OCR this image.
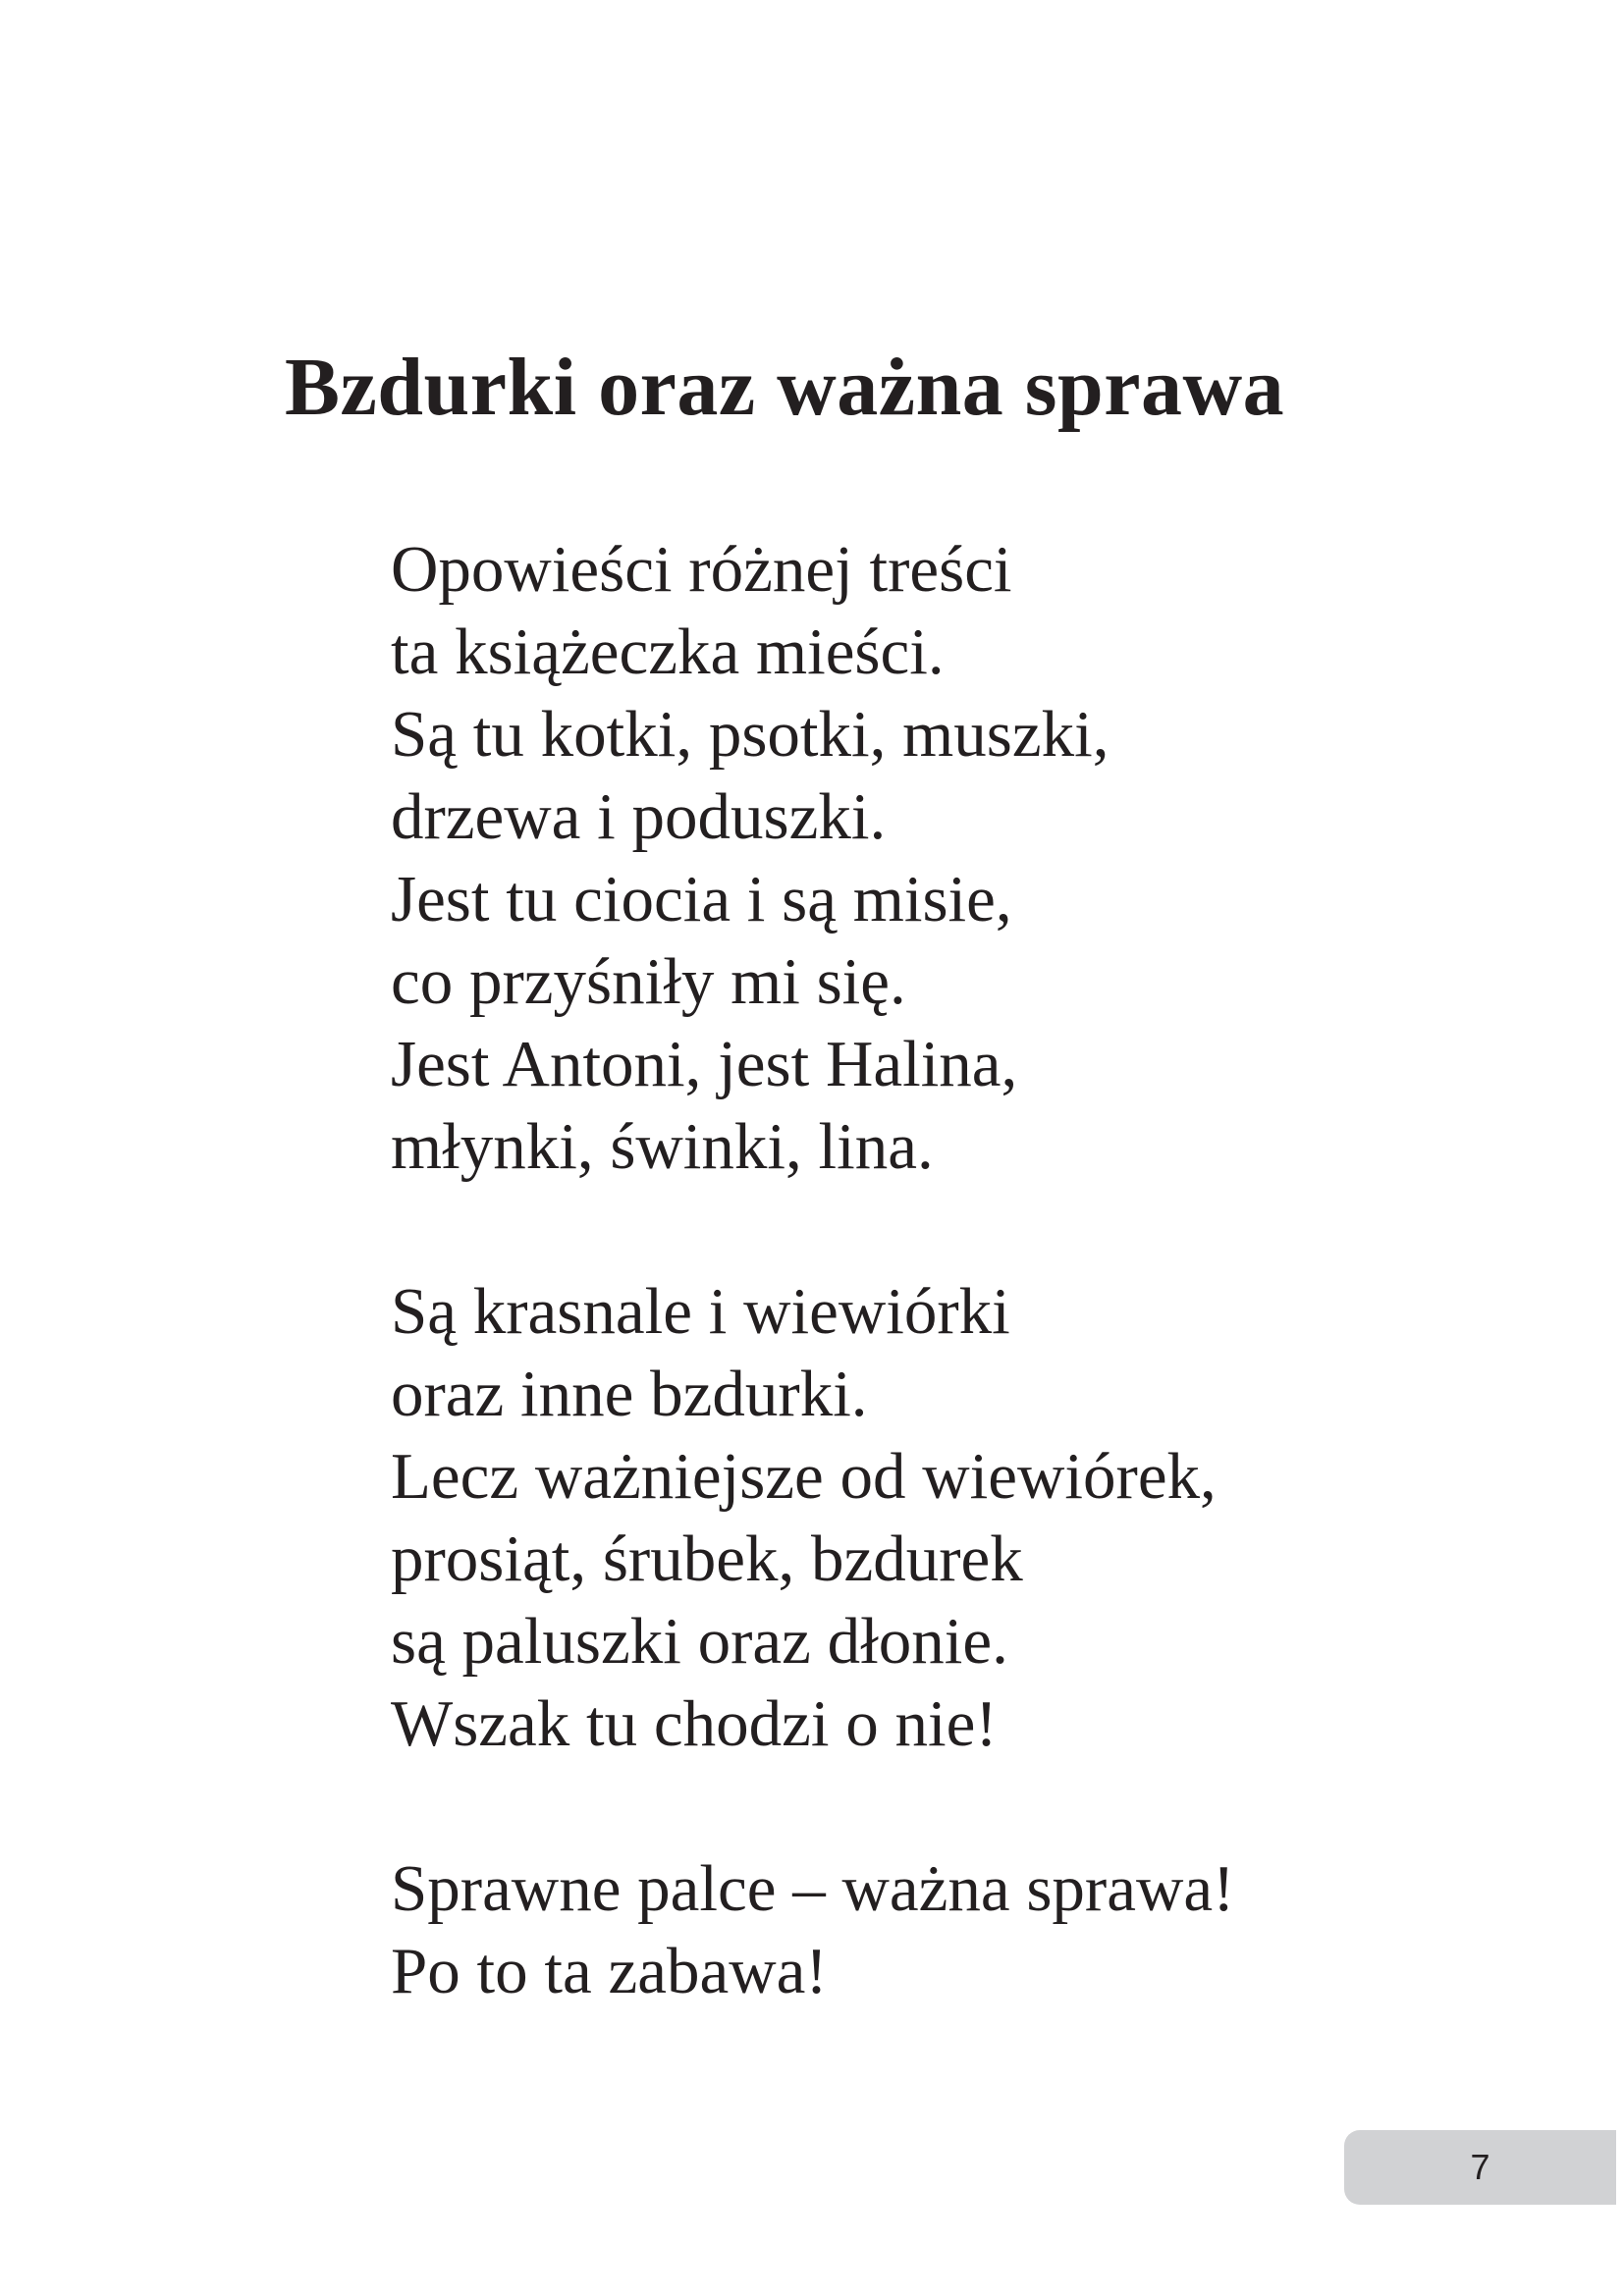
Bzdurki oraz ważna sprawa
Opowieści różnej treści
ta książeczka mieści.
Są tu kotki, psotki, muszki,
drzewa i poduszki.
Jest tu ciocia i są misie,
co przyśniły mi się.
Jest Antoni, jest Halina,
młynki, świnki, lina.
Są krasnale i wiewiórki
oraz inne bzdurki.
Lecz ważniejsze od wiewiórek,
prosiąt, śrubek, bzdurek
są paluszki oraz dłonie.
Wszak tu chodzi o nie!
Sprawne palce – ważna sprawa!
Po to ta zabawa!
7
